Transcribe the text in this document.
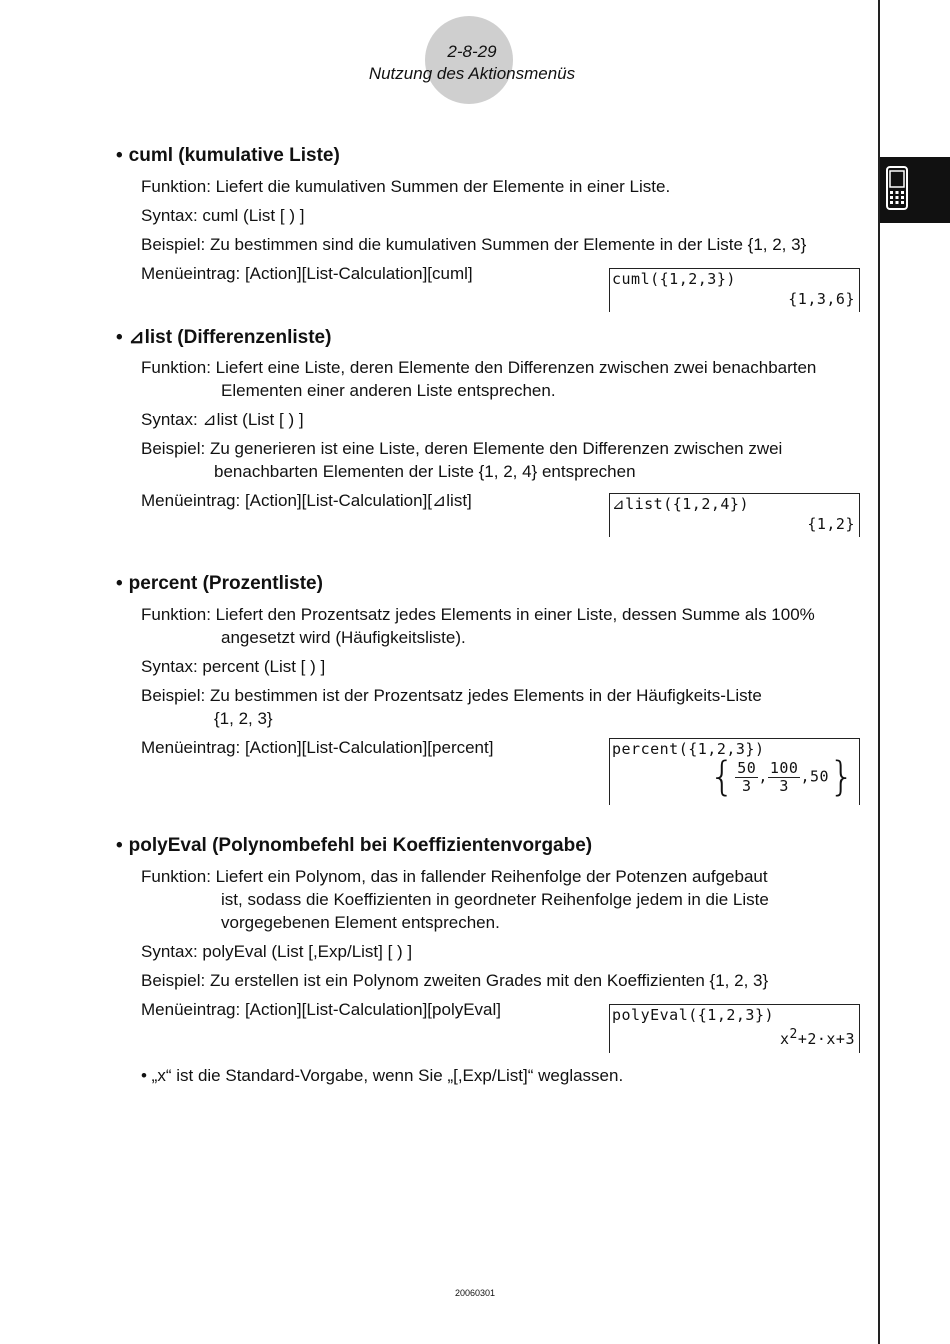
2-8-29
Nutzung des Aktionsmenüs
• cuml (kumulative Liste)
Funktion: Liefert die kumulativen Summen der Elemente in einer Liste.
Syntax: cuml (List [ ) ]
Beispiel: Zu bestimmen sind die kumulativen Summen der Elemente in der Liste {1, 2, 3}
Menüeintrag: [Action][List-Calculation][cuml]	cuml({1,2,3})
{1,3,6}
• ⊿list (Differenzenliste)
Funktion: Liefert eine Liste, deren Elemente den Differenzen zwischen zwei benachbarten
Elementen einer anderen Liste entsprechen.
Syntax: ⊿list (List [ ) ]
Beispiel: Zu generieren ist eine Liste, deren Elemente den Differenzen zwischen zwei
benachbarten Elementen der Liste {1, 2, 4} entsprechen
Menüeintrag: [Action][List-Calculation][⊿list]	⊿list({1,2,4})
{1,2}
• percent (Prozentliste)
Funktion: Liefert den Prozentsatz jedes Elements in einer Liste, dessen Summe als 100%
angesetzt wird (Häufigkeitsliste).
Syntax: percent (List [ ) ]
Beispiel: Zu bestimmen ist der Prozentsatz jedes Elements in der Häufigkeits-Liste
{1, 2, 3}
Menüeintrag: [Action][List-Calculation][percent]	percent({1,2,3})
{ $\frac{50}{3}$ , $\frac{100}{3} ,50$}
• polyEval (Polynombefehl bei Koeffizientenvorgabe)
Funktion: Liefert ein Polynom, das in fallender Reihenfolge der Potenzen aufgebaut
ist, sodass die Koeffizienten in geordneter Reihenfolge jedem in die Liste
vorgegebenen Element entsprechen.
Syntax: polyEval (List [,Exp/List] [ ) ]
Beispiel: Zu erstellen ist ein Polynom zweiten Grades mit den Koeffizienten {1, 2, 3}
Menüeintrag: [Action][List-Calculation][polyEval]	polyEval({1,2,3})
$x^2+2\cdot x+3$
• „x“ ist die Standard-Vorgabe, wenn Sie „[,Exp/List]“ weglassen.
20060301
